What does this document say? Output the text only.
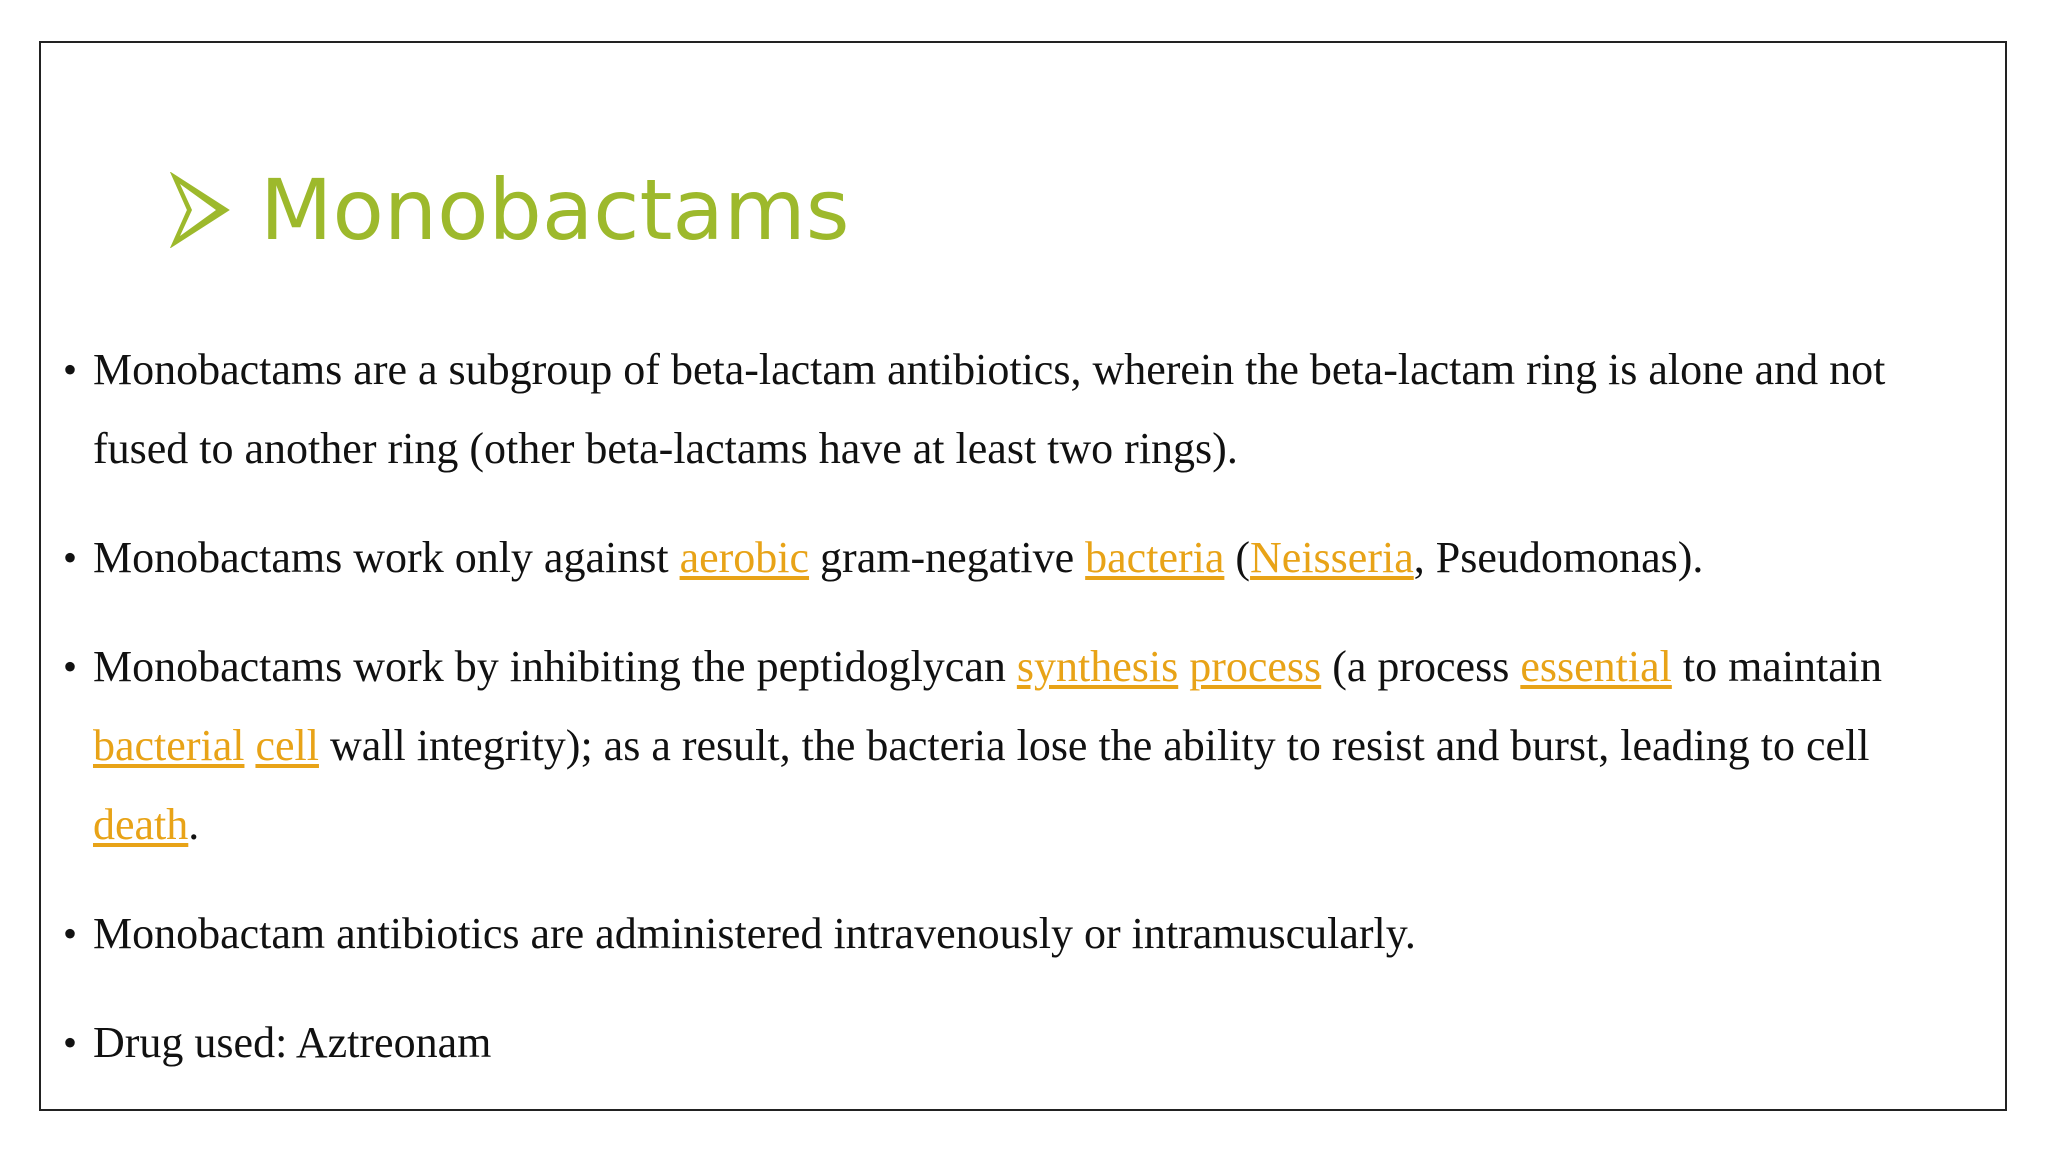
Monobactams
• Monobactams are a subgroup of beta-lactam antibiotics, wherein the beta-lactam ring is alone and not fused to another ring (other beta-lactams have at least two rings).
• Monobactams work only against aerobic gram-negative bacteria (Neisseria, Pseudomonas).
• Monobactams work by inhibiting the peptidoglycan synthesis process (a process essential to maintain bacterial cell wall integrity); as a result, the bacteria lose the ability to resist and burst, leading to cell death.
• Monobactam antibiotics are administered intravenously or intramuscularly.
• Drug used: Aztreonam
